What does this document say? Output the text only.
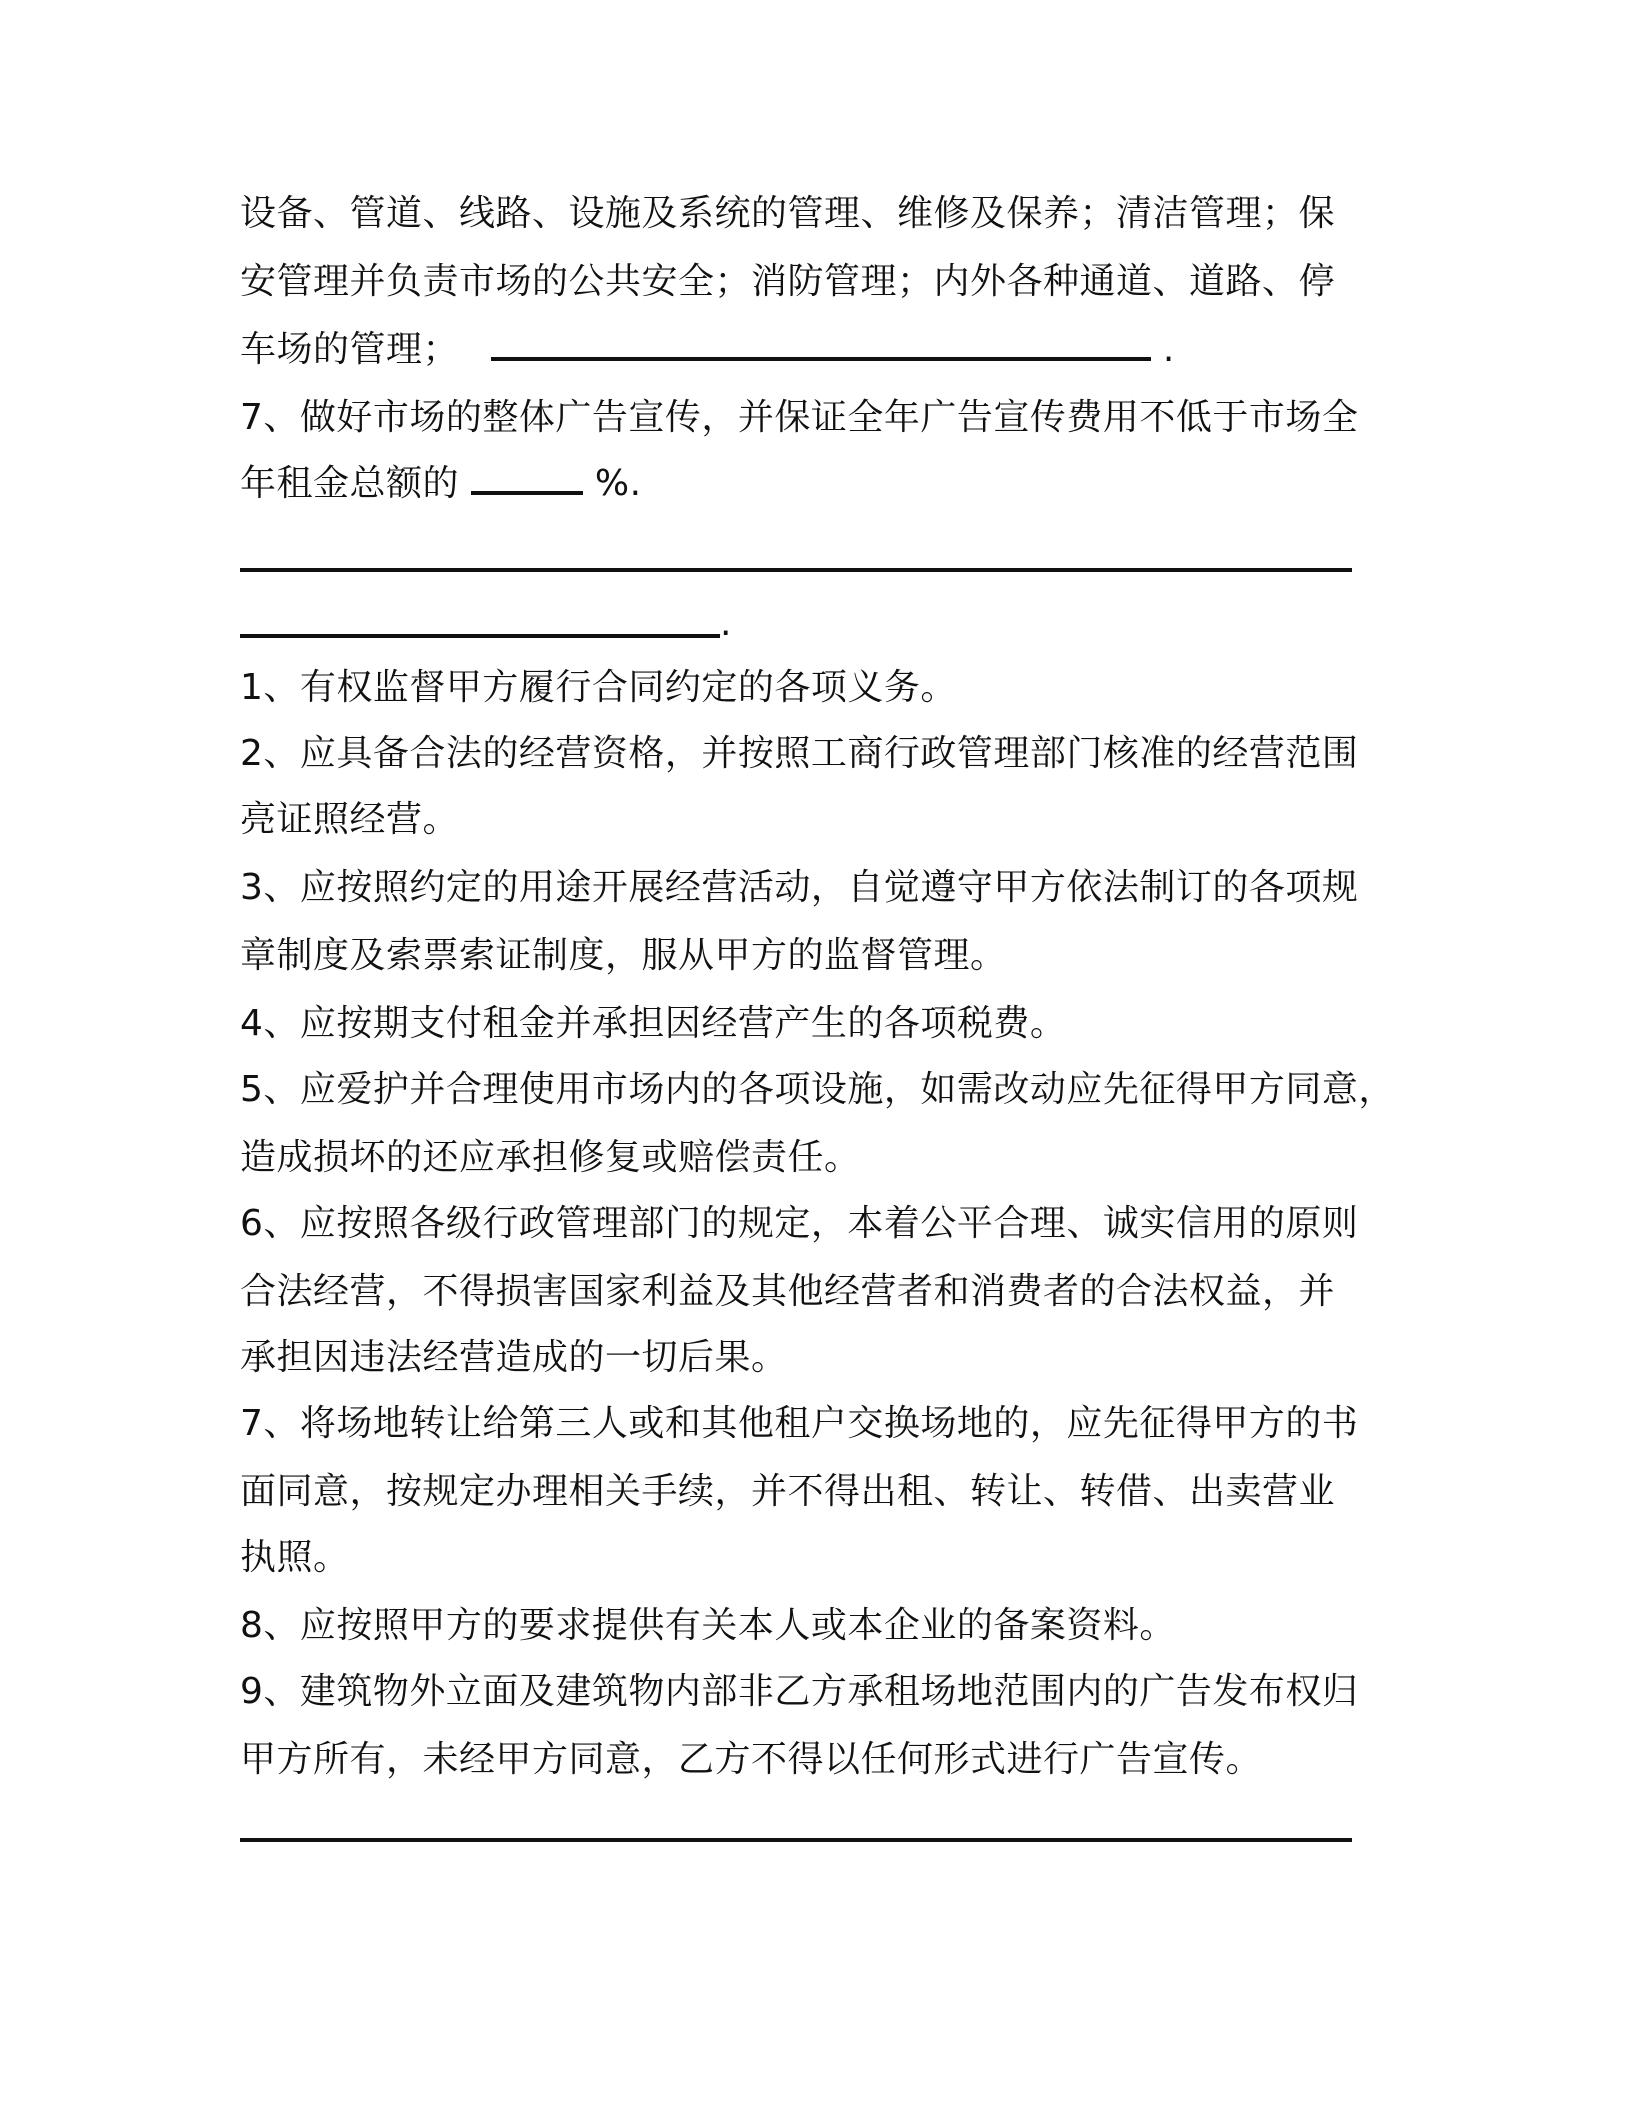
设备、管道、线路、设施及系统的管理、维修及保养；清洁管理；保
安管理并负责市场的公共安全；消防管理；内外各种通道、道路、停
车场的管理；	.
7、做好市场的整体广告宣传，并保证全年广告宣传费用不低于市场全
年租金总额的	%.
.
1、有权监督甲方履行合同约定的各项义务。
2、应具备合法的经营资格，并按照工商行政管理部门核准的经营范围
亮证照经营。
3、应按照约定的用途开展经营活动，自觉遵守甲方依法制订的各项规
章制度及索票索证制度，服从甲方的监督管理。
4、应按期支付租金并承担因经营产生的各项税费。
5、应爱护并合理使用市场内的各项设施，如需改动应先征得甲方同意，
造成损坏的还应承担修复或赔偿责任。
6、应按照各级行政管理部门的规定，本着公平合理、诚实信用的原则
合法经营，不得损害国家利益及其他经营者和消费者的合法权益，并
承担因违法经营造成的一切后果。
7、将场地转让给第三人或和其他租户交换场地的，应先征得甲方的书
面同意，按规定办理相关手续，并不得出租、转让、转借、出卖营业
执照。
8、应按照甲方的要求提供有关本人或本企业的备案资料。
9、建筑物外立面及建筑物内部非乙方承租场地范围内的广告发布权归
甲方所有，未经甲方同意，乙方不得以任何形式进行广告宣传。
